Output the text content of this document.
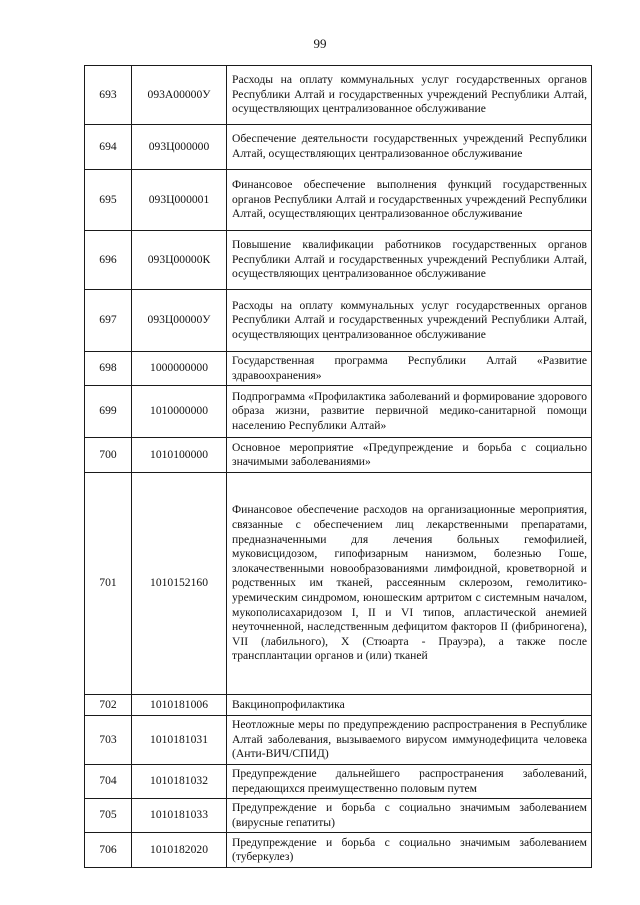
99
693	093А00000У	Расходы на оплату коммунальных услуг государственных органов Республики Алтай и государственных учреждений Республики Алтай, осуществляющих централизованное обслуживание
694	093Ц000000	Обеспечение деятельности государственных учреждений Республики Алтай, осуществляющих централизованное обслуживание
695	093Ц000001	Финансовое обеспечение выполнения функций государственных органов Республики Алтай и государственных учреждений Республики Алтай, осуществляющих централизованное обслуживание
696	093Ц00000К	Повышение квалификации работников государственных органов Республики Алтай и государственных учреждений Республики Алтай, осуществляющих централизованное обслуживание
697	093Ц00000У	Расходы на оплату коммунальных услуг государственных органов Республики Алтай и государственных учреждений Республики Алтай, осуществляющих централизованное обслуживание
698	1000000000	Государственная программа Республики Алтай «Развитие здравоохранения»
699	1010000000	Подпрограмма «Профилактика заболеваний и формирование здорового образа жизни, развитие первичной медико-санитарной помощи населению Республики Алтай»
700	1010100000	Основное мероприятие «Предупреждение и борьба с социально значимыми заболеваниями»
701	1010152160	Финансовое обеспечение расходов на организационные мероприятия, связанные с обеспечением лиц лекарственными препаратами, предназначенными для лечения больных гемофилией, муковисцидозом, гипофизарным нанизмом, болезнью Гоше, злокачественными новообразованиями лимфоидной, кроветворной и родственных им тканей, рассеянным склерозом, гемолитико-уремическим синдромом, юношеским артритом с системным началом, мукополисахаридозом I, II и VI типов, апластической анемией неуточненной, наследственным дефицитом факторов II (фибриногена), VII (лабильного), X (Стюарта - Прауэра), а также после трансплантации органов и (или) тканей
702	1010181006	Вакцинопрофилактика
703	1010181031	Неотложные меры по предупреждению распространения в Республике Алтай заболевания, вызываемого вирусом иммунодефицита человека (Анти-ВИЧ/СПИД)
704	1010181032	Предупреждение дальнейшего распространения заболеваний, передающихся преимущественно половым путем
705	1010181033	Предупреждение и борьба с социально значимым заболеванием (вирусные гепатиты)
706	1010182020	Предупреждение и борьба с социально значимым заболеванием (туберкулез)
